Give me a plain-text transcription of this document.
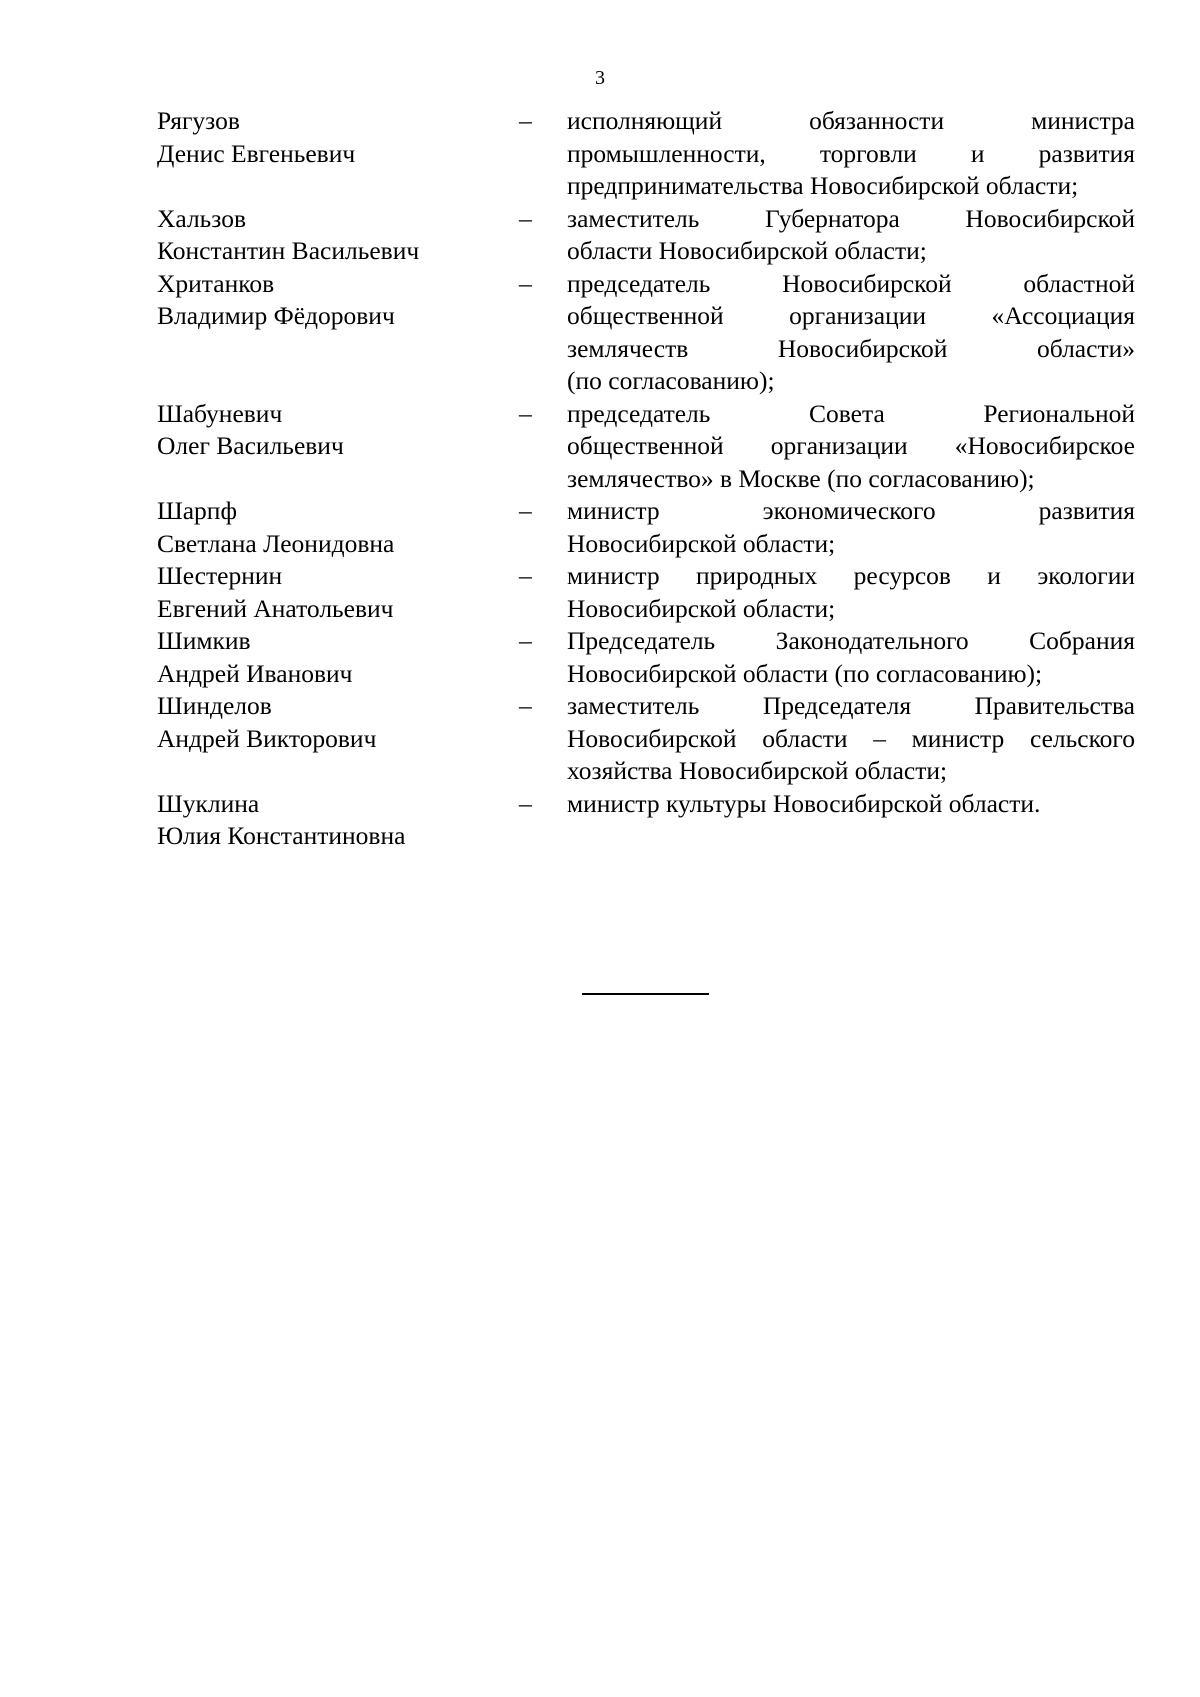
3
Рягузов
Денис Евгеньевич
– исполняющий обязанности министра
промышленности, торговли и развития
предпринимательства Новосибирской области;
Хальзов
Константин Васильевич
– заместитель Губернатора Новосибирской
области Новосибирской области;
Хританков
Владимир Фёдорович
– председатель Новосибирской областной
общественной организации «Ассоциация
землячеств Новосибирской области»
(по согласованию);
Шабуневич
Олег Васильевич
– председатель Совета Региональной
общественной организации «Новосибирское
землячество» в Москве (по согласованию);
Шарпф
Светлана Леонидовна
– министр экономического развития
Новосибирской области;
Шестернин
Евгений Анатольевич
– министр природных ресурсов и экологии
Новосибирской области;
Шимкив
Андрей Иванович
– Председатель Законодательного Собрания
Новосибирской области (по согласованию);
Шинделов
Андрей Викторович
– заместитель Председателя Правительства
Новосибирской области – министр сельского
хозяйства Новосибирской области;
Шуклина
Юлия Константиновна
– министр культуры Новосибирской области.
